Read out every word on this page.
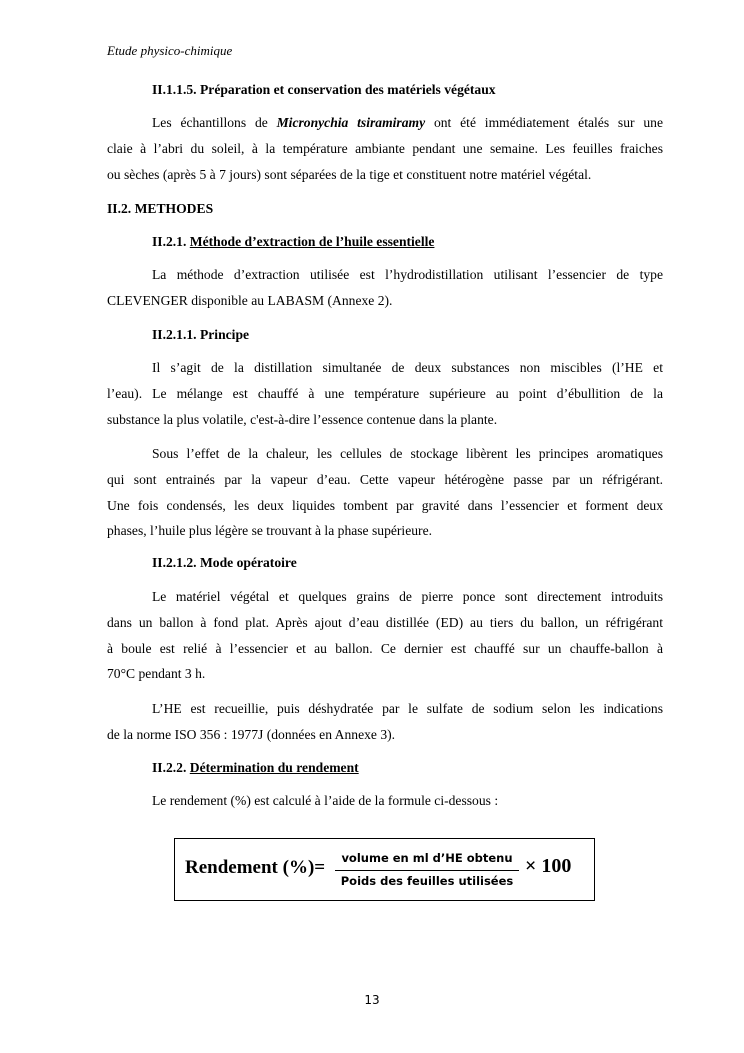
Etude physico-chimique
II.1.1.5. Préparation et conservation des matériels végétaux
Les échantillons de Micronychia tsiramiramy ont été immédiatement étalés sur une
claie à l’abri du soleil, à la température ambiante pendant une semaine. Les feuilles fraiches
ou sèches (après 5 à 7 jours) sont séparées de la tige et constituent notre matériel végétal.
II.2. METHODES
II.2.1. Méthode d’extraction de l’huile essentielle
La méthode d’extraction utilisée est l’hydrodistillation utilisant l’essencier de type
CLEVENGER disponible au LABASM (Annexe 2).
II.2.1.1. Principe
Il s’agit de la distillation simultanée de deux substances non miscibles (l’HE et
l’eau). Le mélange est chauffé à une température supérieure au point d’ébullition de la
substance la plus volatile, c'est-à-dire l’essence contenue dans la plante.
Sous l’effet de la chaleur, les cellules de stockage libèrent les principes aromatiques
qui sont entrainés par la vapeur d’eau. Cette vapeur hétérogène passe par un réfrigérant.
Une fois condensés, les deux liquides tombent par gravité dans l’essencier et forment deux
phases, l’huile plus légère se trouvant à la phase supérieure.
II.2.1.2. Mode opératoire
Le matériel végétal et quelques grains de pierre ponce sont directement introduits
dans un ballon à fond plat. Après ajout d’eau distillée (ED) au tiers du ballon, un réfrigérant
à boule est relié à l’essencier et au ballon. Ce dernier est chauffé sur un chauffe-ballon à
70°C pendant 3 h.
L’HE est recueillie, puis déshydratée par le sulfate de sodium selon les indications
de la norme ISO 356 : 1977J (données en Annexe 3).
II.2.2. Détermination du rendement
Le rendement (%) est calculé à l’aide de la formule ci-dessous :
Rendement (%)=	volume en ml d’HE obtenu
Poids des feuilles utilisées
× 100
13
